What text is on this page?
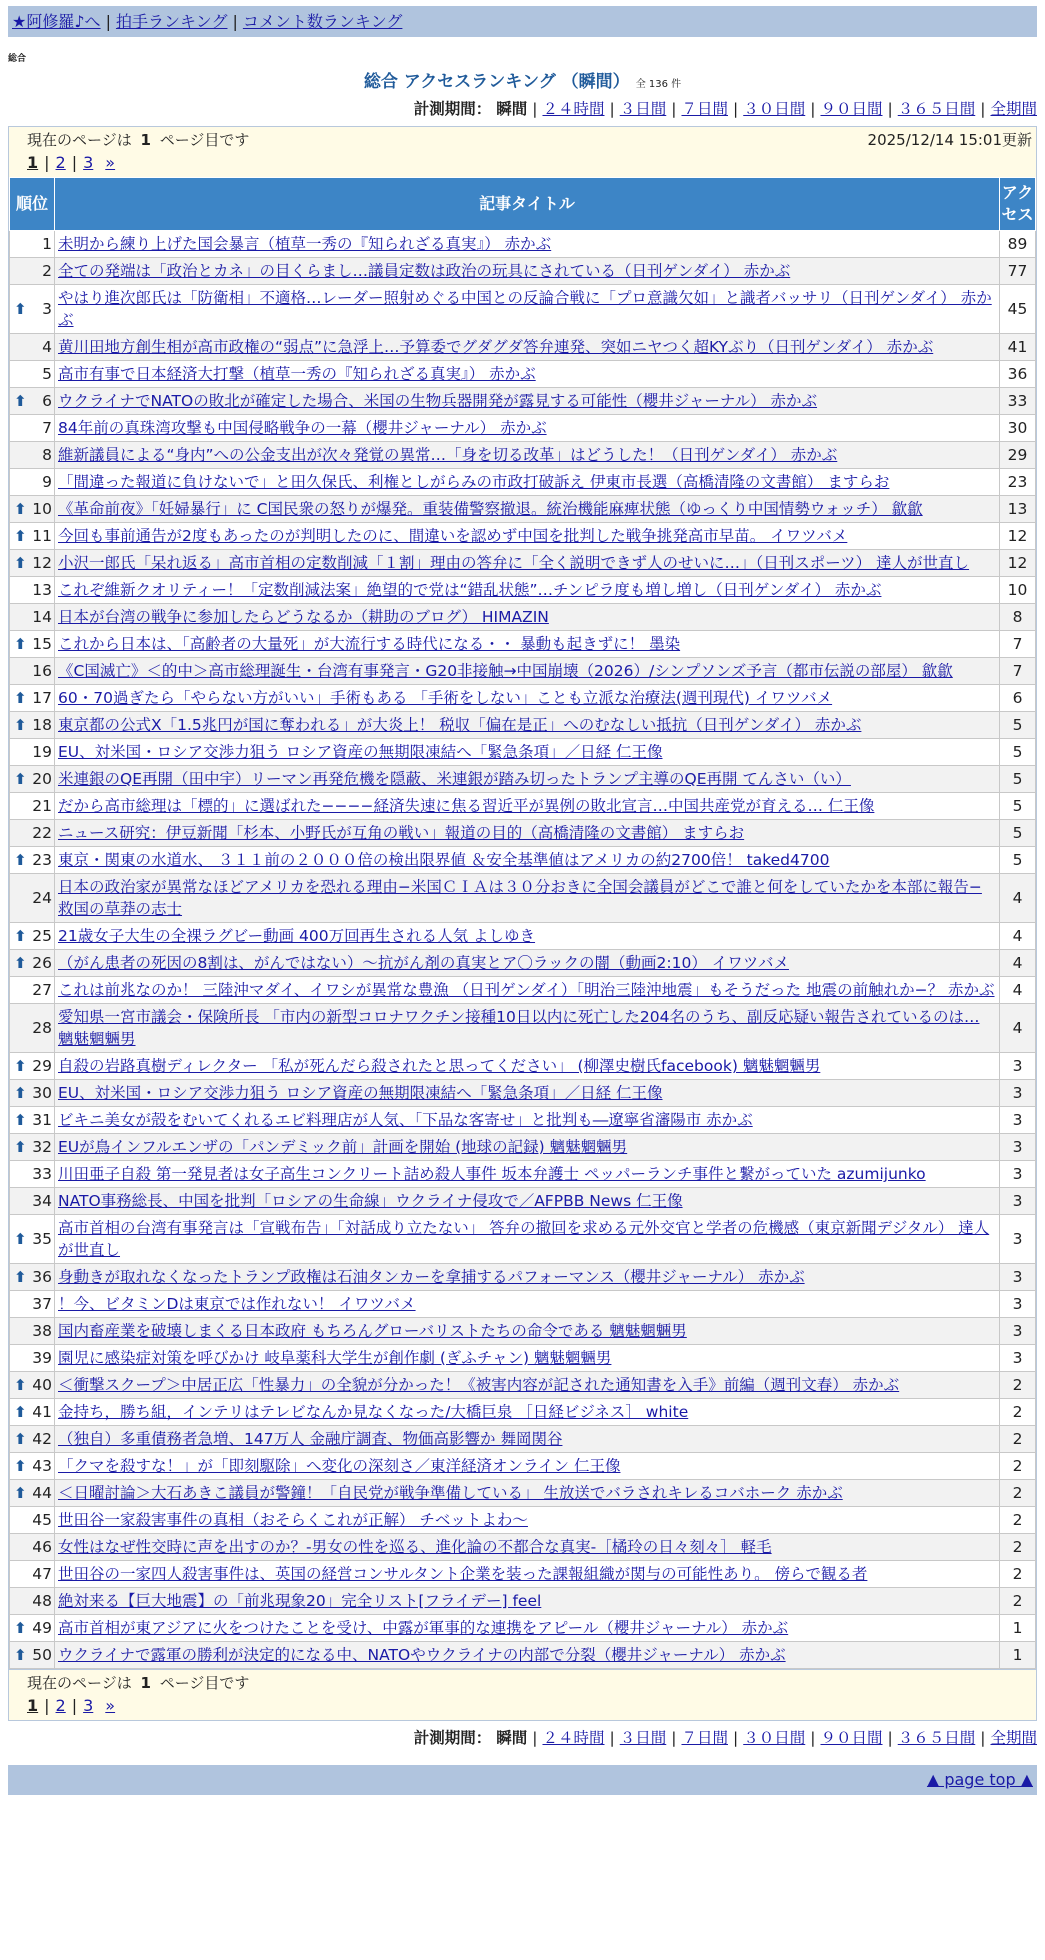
★阿修羅♪へ | 拍手ランキング | コメント数ランキング
総合
総合 アクセスランキング （瞬間） 全 136 件
計測期間： 瞬間 | ２４時間 | ３日間 | ７日間 | ３０日間 | ９０日間 | ３６５日間 | 全期間
現在のページは 1 ページ目です	2025/12/14 15:01更新
1 | 2 | 3 »
順位	記事タイトル	アクセス
1	未明から練り上げた国会暴言（植草一秀の『知られざる真実』） 赤かぶ	89
2	全ての発端は「政治とカネ」の目くらまし…議員定数は政治の玩具にされている（日刊ゲンダイ） 赤かぶ	77

⬆ 3	やはり進次郎氏は「防衛相」不適格…レーダー照射めぐる中国との反論合戦に「プロ意識欠如」と識者バッサリ（日刊ゲンダイ） 赤かぶ	45
4	黄川田地方創生相が高市政権の“弱点”に急浮上…予算委でグダグダ答弁連発、突如ニヤつく超KYぶり（日刊ゲンダイ） 赤かぶ	41
5	高市有事で日本経済大打撃（植草一秀の『知られざる真実』） 赤かぶ	36

⬆ 6	ウクライナでNATOの敗北が確定した場合、米国の生物兵器開発が露見する可能性（櫻井ジャーナル） 赤かぶ	33
7	84年前の真珠湾攻撃も中国侵略戦争の一幕（櫻井ジャーナル） 赤かぶ	30
8	維新議員による“身内”への公金支出が次々発覚の異常…「身を切る改革」はどうした！（日刊ゲンダイ） 赤かぶ	29
9	「間違った報道に負けないで」と田久保氏、利権としがらみの市政打破訴え 伊東市長選（高橋清隆の文書館） ますらお	23

⬆ 10	《革命前夜》「妊婦暴行」に C国民衆の怒りが爆発。重装備警察撤退。統治機能麻痺状態（ゆっくり中国情勢ウォッチ） 歙歙	13

⬆ 11	今回も事前通告が2度もあったのが判明したのに、間違いを認めず中国を批判した戦争挑発高市早苗。 イワツバメ	12

⬆ 12	小沢一郎氏「呆れ返る」高市首相の定数削減「１割」理由の答弁に「全く説明できず人のせいに…」（日刊スポーツ） 達人が世直し	12
13	これぞ維新クオリティー！「定数削減法案」絶望的で党は“錯乱状態”…チンピラ度も増し増し（日刊ゲンダイ） 赤かぶ	10
14	日本が台湾の戦争に参加したらどうなるか（耕助のブログ） HIMAZIN	8

⬆ 15	これから日本は、「高齢者の大量死」が大流行する時代になる・・ 暴動も起きずに！ 墨染	7
16	《C国滅亡》＜的中＞高市総理誕生・台湾有事発言・G20非接触→中国崩壊（2026）/シンプソンズ予言（都市伝説の部屋） 歙歙	7

⬆ 17	60・70過ぎたら「やらない方がいい」手術もある 「手術をしない」ことも立派な治療法(週刊現代) イワツバメ	6

⬆ 18	東京都の公式X「1.5兆円が国に奪われる」が大炎上！ 税収「偏在是正」へのむなしい抵抗（日刊ゲンダイ） 赤かぶ	5
19	EU、対米国・ロシア交渉力狙う ロシア資産の無期限凍結へ「緊急条項」／日経 仁王像	5

⬆ 20	米連銀のQE再開（田中宇）リーマン再発危機を隠蔽、米連銀が踏み切ったトランプ主導のQE再開 てんさい（い）	5
21	だから高市総理は「標的」に選ばれた−−−−経済失速に焦る習近平が異例の敗北宣言…中国共産党が育える… 仁王像	5
22	ニュース研究：伊豆新聞「杉本、小野氏が互角の戦い」報道の目的（高橋清隆の文書館） ますらお	5

⬆ 23	東京・関東の水道水、 ３１１前の２０００倍の検出限界値 ＆安全基準値はアメリカの約2700倍！ taked4700	5
24	日本の政治家が異常なほどアメリカを恐れる理由−米国ＣＩＡは３０分おきに全国会議員がどこで誰と何をしていたかを本部に報告− 救国の草莽の志士	4

⬆ 25	21歳女子大生の全裸ラグビー動画 400万回再生される人気 よしゆき	4

⬆ 26	（がん患者の死因の8割は、がんではない）〜抗がん剤の真実とア〇ラックの闇（動画2:10） イワツバメ	4
27	これは前兆なのか！ 三陸沖マダイ、イワシが異常な豊漁 （日刊ゲンダイ）「明治三陸沖地震」もそうだった 地震の前触れか−？ 赤かぶ	4
28	愛知県一宮市議会・保険所長 「市内の新型コロナワクチン接種10日以内に死亡した204名のうち、副反応疑い報告されているのは… 魑魅魍魎男	4

⬆ 29	自殺の岩路真樹ディレクター 「私が死んだら殺されたと思ってください」 (柳澤史樹氏facebook) 魑魅魍魎男	3

⬆ 30	EU、対米国・ロシア交渉力狙う ロシア資産の無期限凍結へ「緊急条項」／日経 仁王像	3

⬆ 31	ビキニ美女が殻をむいてくれるエビ料理店が人気、「下品な客寄せ」と批判も―遼寧省瀋陽市 赤かぶ	3

⬆ 32	EUが鳥インフルエンザの「パンデミック前」計画を開始 (地球の記録) 魑魅魍魎男	3
33	川田亜子自殺 第一発見者は女子高生コンクリート詰め殺人事件 坂本弁護士 ペッパーランチ事件と繋がっていた azumijunko	3
34	NATO事務総長、中国を批判「ロシアの生命線」ウクライナ侵攻で／AFPBB News 仁王像	3

⬆ 35	高市首相の台湾有事発言は「宣戦布告」「対話成り立たない」 答弁の撤回を求める元外交官と学者の危機感（東京新聞デジタル） 達人が世直し	3

⬆ 36	身動きが取れなくなったトランプ政権は石油タンカーを拿捕するパフォーマンス（櫻井ジャーナル） 赤かぶ	3
37	！今、ビタミンDは東京では作れない！ イワツバメ	3
38	国内畜産業を破壊しまくる日本政府 もちろんグローバリストたちの命令である 魑魅魍魎男	3
39	園児に感染症対策を呼びかけ 岐阜薬科大学生が創作劇 (ぎふチャン) 魑魅魍魎男	3

⬆ 40	＜衝撃スクープ＞中居正広「性暴力」の全貌が分かった！《被害内容が記された通知書を入手》前編（週刊文春） 赤かぶ	2

⬆ 41	金持ち，勝ち組，インテリはテレビなんか見なくなった/大橋巨泉 ［日経ビジネス］ white	2

⬆ 42	（独自）多重債務者急増、147万人 金融庁調査、物価高影響か 舞岡関谷	2

⬆ 43	「クマを殺すな！」が「即刻駆除」へ変化の深刻さ／東洋経済オンライン 仁王像	2

⬆ 44	＜日曜討論＞大石あきこ議員が警鐘！「自民党が戦争準備している」 生放送でバラされキレるコバホーク 赤かぶ	2
45	世田谷一家殺害事件の真相（おそらくこれが正解） チベットよわ〜	2
46	女性はなぜ性交時に声を出すのか？-男女の性を巡る、進化論の不都合な真実-［橘玲の日々刻々］ 軽毛	2
47	世田谷の一家四人殺害事件は、英国の経営コンサルタント企業を装った課報組織が関与の可能性あり。 傍らで観る者	2
48	絶対来る【巨大地震】の「前兆現象20」完全リスト[フライデー] feel	2

⬆ 49	高市首相が東アジアに火をつけたことを受け、中露が軍事的な連携をアピール（櫻井ジャーナル） 赤かぶ	1

⬆ 50	ウクライナで露軍の勝利が決定的になる中、NATOやウクライナの内部で分裂（櫻井ジャーナル） 赤かぶ	1
現在のページは 1 ページ目です
1 | 2 | 3 »
計測期間： 瞬間 | ２４時間 | ３日間 | ７日間 | ３０日間 | ９０日間 | ３６５日間 | 全期間
▲ page top ▲
